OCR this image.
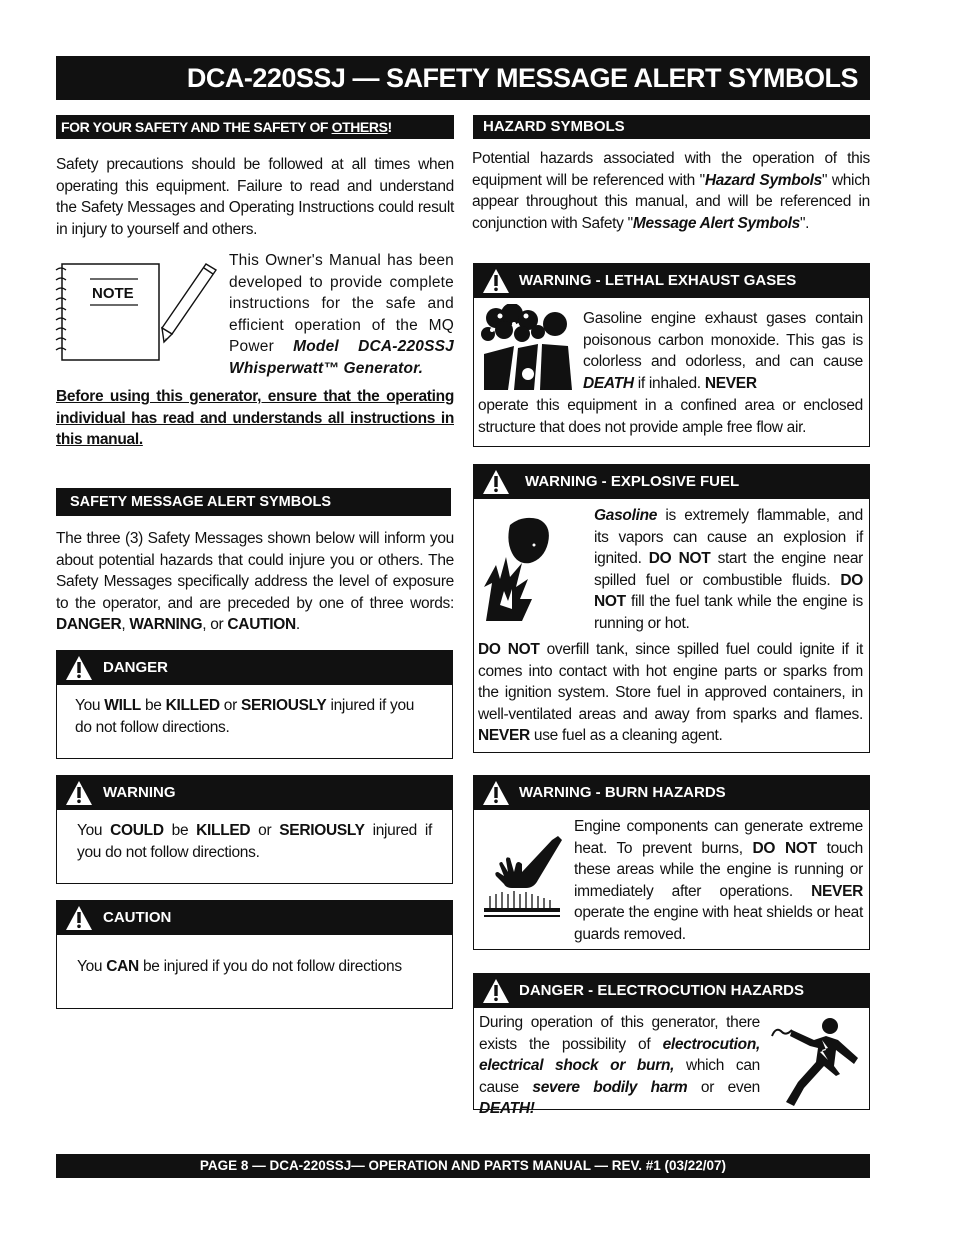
DCA-220SSJ — SAFETY MESSAGE ALERT SYMBOLS
FOR YOUR SAFETY AND THE SAFETY OF OTHERS!
Safety precautions should be followed at all times when operating this equipment. Failure to read and understand the Safety Messages and Operating Instructions could result in injury to yourself and others.
NOTE
This Owner's Manual has been developed to provide complete instructions for the safe and efficient operation of the MQ Power Model DCA-220SSJ Whisperwatt™ Generator.
Before using this generator, ensure that the operating individual has read and understands all instructions in this manual.
SAFETY MESSAGE ALERT SYMBOLS
The three (3) Safety Messages shown below will inform you about potential hazards that could injure you or others. The Safety Messages specifically address the level of exposure to the operator, and are preceded by one of three words: DANGER, WARNING, or CAUTION.
DANGER
You WILL be KILLED or SERIOUSLY injured if you do not follow directions.
WARNING
You COULD be KILLED or SERIOUSLY injured if you do not follow directions.
CAUTION
You CAN be injured if you do not follow directions
HAZARD SYMBOLS
Potential hazards associated with the operation of this equipment will be referenced with "Hazard Symbols" which appear throughout this manual, and will be referenced in conjunction with Safety "Message Alert Symbols".
WARNING - LETHAL EXHAUST GASES
Gasoline engine exhaust gases contain poisonous carbon monoxide. This gas is colorless and odorless, and can cause DEATH if inhaled. NEVER
operate this equipment in a confined area or enclosed structure that does not provide ample free flow air.
WARNING - EXPLOSIVE FUEL
Gasoline is extremely flammable, and its vapors can cause an explosion if ignited. DO NOT start the engine near spilled fuel or combustible fluids. DO NOT fill the fuel tank while the engine is running or hot.
DO NOT overfill tank, since spilled fuel could ignite if it comes into contact with hot engine parts or sparks from the ignition system. Store fuel in approved containers, in well-ventilated areas and away from sparks and flames. NEVER use fuel as a cleaning agent.
WARNING - BURN HAZARDS
Engine components can generate extreme heat. To prevent burns, DO NOT touch these areas while the engine is running or immediately after operations. NEVER operate the engine with heat shields or heat guards removed.
DANGER - ELECTROCUTION HAZARDS
During operation of this generator, there exists the possibility of electrocution, electrical shock or burn, which can cause severe bodily harm or even DEATH!
PAGE 8 — DCA-220SSJ— OPERATION AND PARTS MANUAL — REV. #1 (03/22/07)
